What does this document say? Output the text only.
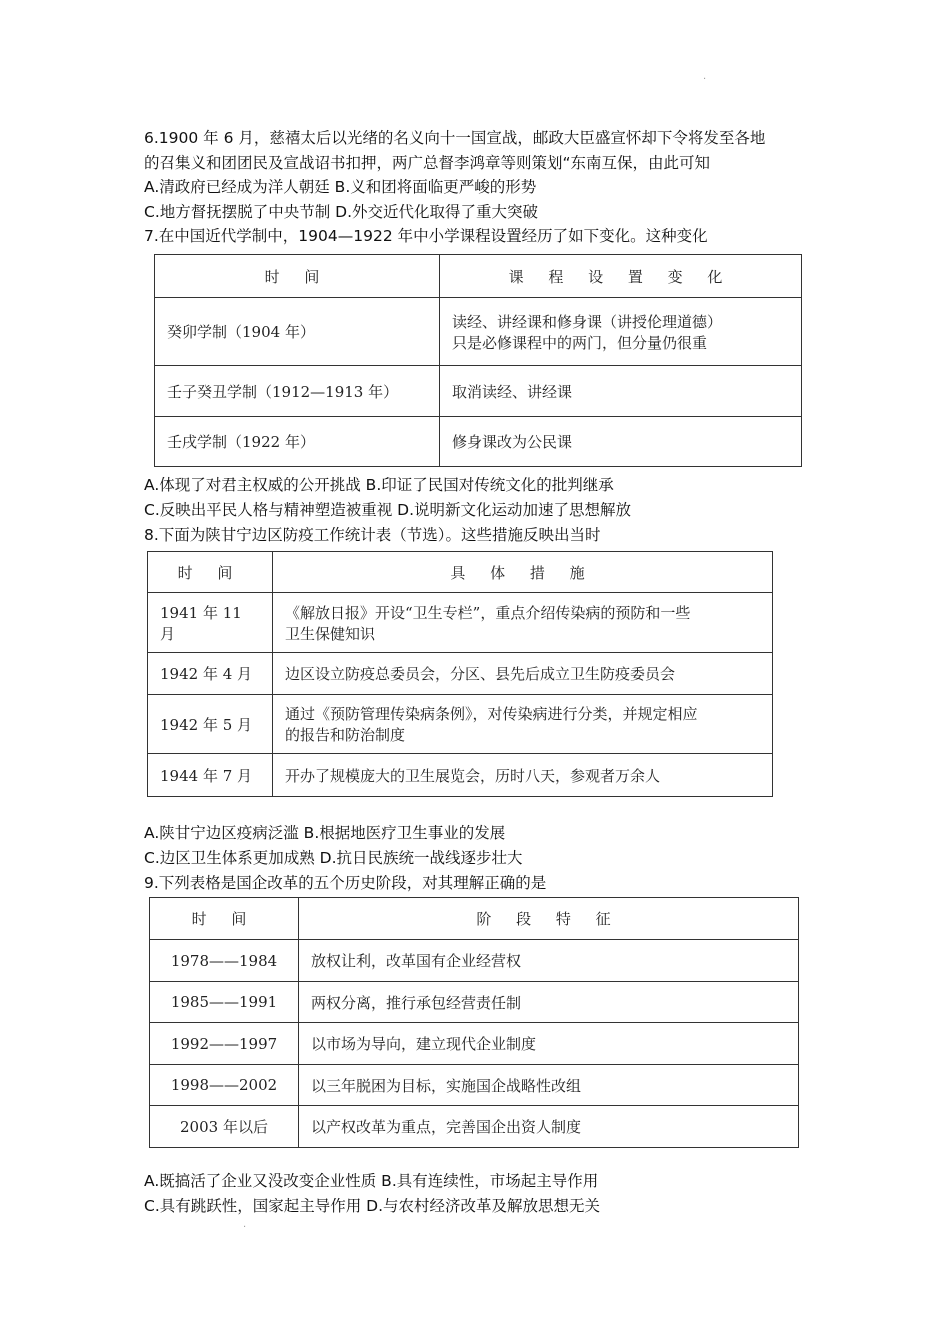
·
6.1900 年 6 月，慈禧太后以光绪的名义向十一国宣战，邮政大臣盛宣怀却下令将发至各地
的召集义和团团民及宣战诏书扣押，两广总督李鸿章等则策划“东南互保，由此可知
A.清政府已经成为洋人朝廷 B.义和团将面临更严峻的形势
C.地方督抚摆脱了中央节制 D.外交近代化取得了重大突破
7.在中国近代学制中，1904—1922 年中小学课程设置经历了如下变化。这种变化
时 间	课 程 设 置 变 化
癸卯学制（1904 年）	读经、讲经课和修身课（讲授伦理道德）
只是必修课程中的两门，但分量仍很重

壬子癸丑学制（1912—1913 年）	取消读经、讲经课
壬戌学制（1922 年）	修身课改为公民课
A.体现了对君主权威的公开挑战 B.印证了民国对传统文化的批判继承
C.反映出平民人格与精神塑造被重视 D.说明新文化运动加速了思想解放
8.下面为陕甘宁边区防疫工作统计表（节选）。这些措施反映出当时
时 间	具 体 措 施
1941 年 11 月	《解放日报》开设“卫生专栏”，重点介绍传染病的预防和一些
卫生保健知识

1942 年 4 月	边区设立防疫总委员会，分区、县先后成立卫生防疫委员会
1942 年 5 月	通过《预防管理传染病条例》，对传染病进行分类，并规定相应
的报告和防治制度

1944 年 7 月	开办了规模庞大的卫生展览会，历时八天，参观者万余人
A.陕甘宁边区疫病泛滥 B.根据地医疗卫生事业的发展
C.边区卫生体系更加成熟 D.抗日民族统一战线逐步壮大
9.下列表格是国企改革的五个历史阶段，对其理解正确的是
时 间	阶 段 特 征
1978——1984	放权让利，改革国有企业经营权
1985——1991	两权分离，推行承包经营责任制
1992——1997	以市场为导向，建立现代企业制度
1998——2002	以三年脱困为目标，实施国企战略性改组
2003 年以后	以产权改革为重点，完善国企出资人制度
A.既搞活了企业又没改变企业性质 B.具有连续性，市场起主导作用
C.具有跳跃性，国家起主导作用 D.与农村经济改革及解放思想无关
·
